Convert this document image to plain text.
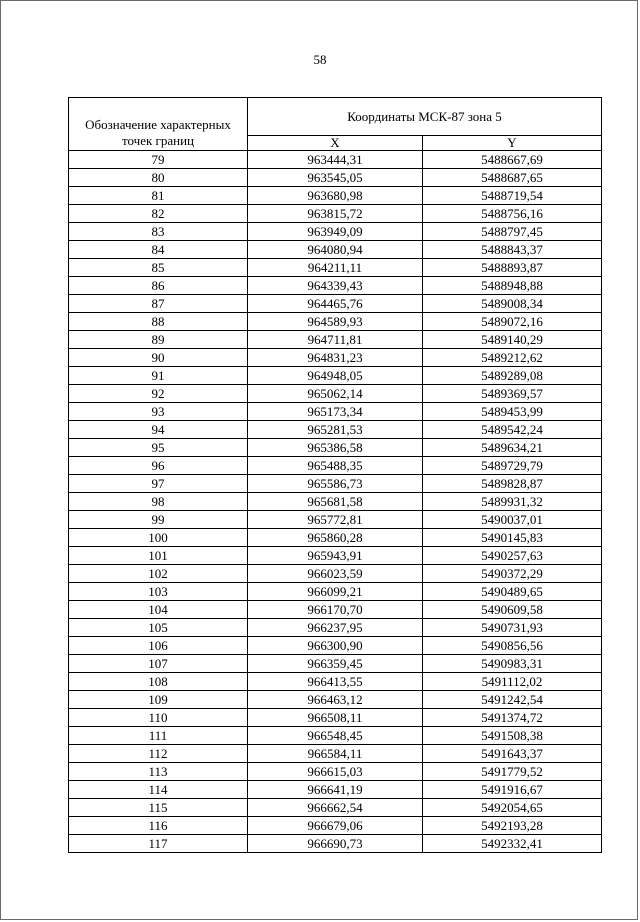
58
Обозначение характерных точек границ	Координаты МСК-87 зона 5	
	X	Y
79	963444,31	5488667,69
80	963545,05	5488687,65
81	963680,98	5488719,54
82	963815,72	5488756,16
83	963949,09	5488797,45
84	964080,94	5488843,37
85	964211,11	5488893,87
86	964339,43	5488948,88
87	964465,76	5489008,34
88	964589,93	5489072,16
89	964711,81	5489140,29
90	964831,23	5489212,62
91	964948,05	5489289,08
92	965062,14	5489369,57
93	965173,34	5489453,99
94	965281,53	5489542,24
95	965386,58	5489634,21
96	965488,35	5489729,79
97	965586,73	5489828,87
98	965681,58	5489931,32
99	965772,81	5490037,01
100	965860,28	5490145,83
101	965943,91	5490257,63
102	966023,59	5490372,29
103	966099,21	5490489,65
104	966170,70	5490609,58
105	966237,95	5490731,93
106	966300,90	5490856,56
107	966359,45	5490983,31
108	966413,55	5491112,02
109	966463,12	5491242,54
110	966508,11	5491374,72
111	966548,45	5491508,38
112	966584,11	5491643,37
113	966615,03	5491779,52
114	966641,19	5491916,67
115	966662,54	5492054,65
116	966679,06	5492193,28
117	966690,73	5492332,41
